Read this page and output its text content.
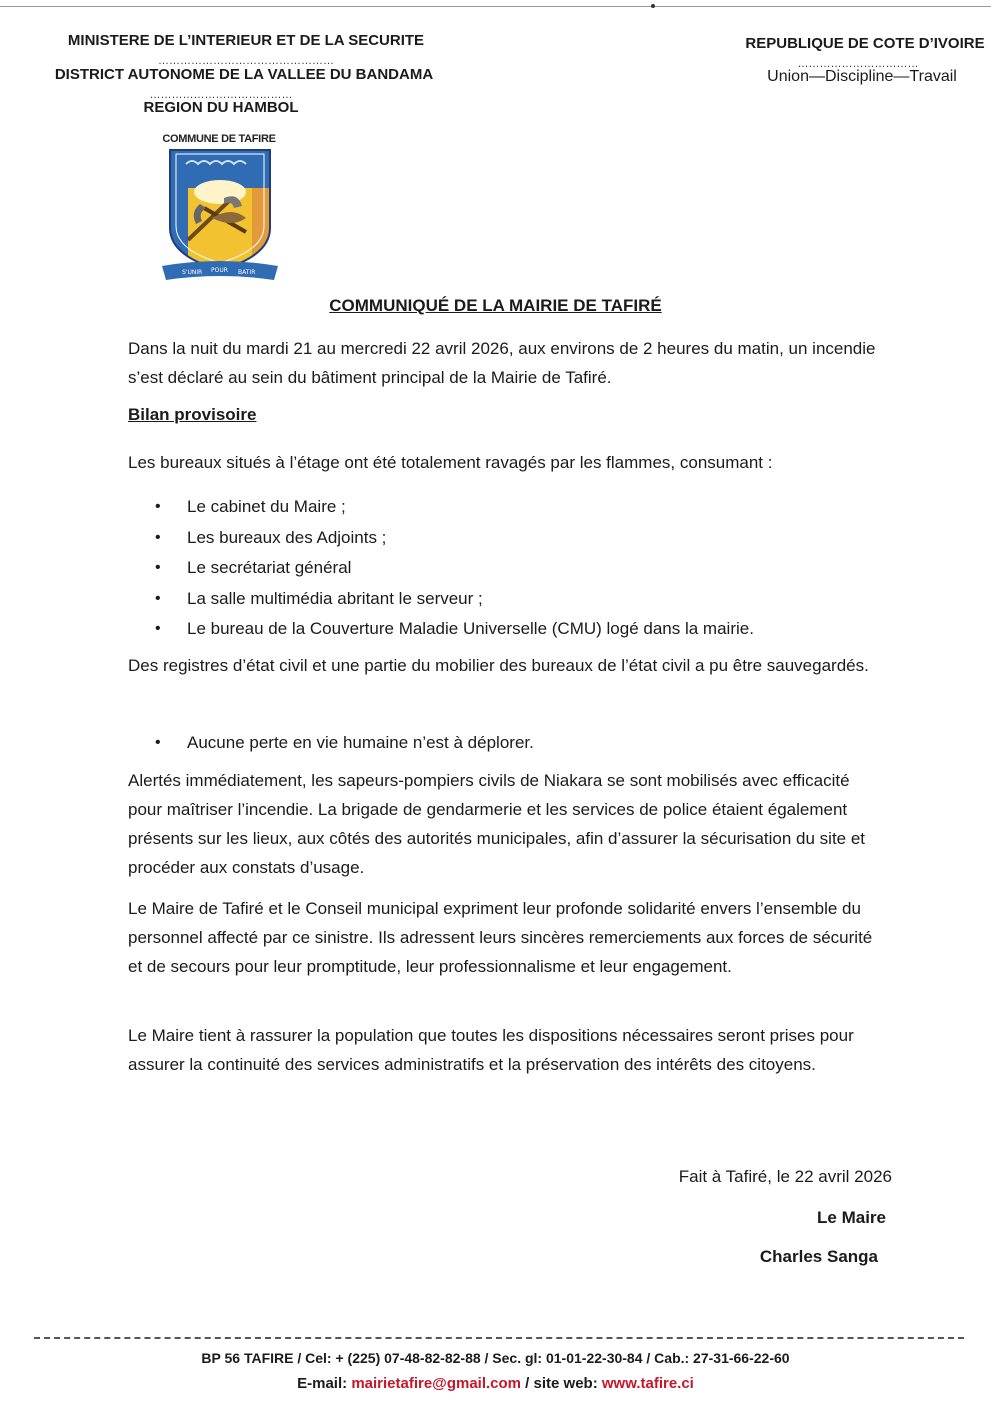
MINISTERE DE L’INTERIEUR ET DE LA SECURITE
…………………………………………
DISTRICT AUTONOME DE LA VALLEE DU BANDAMA
…………………………………
REGION DU HAMBOL
REPUBLIQUE DE COTE D’IVOIRE
……………………………
Union—Discipline—Travail
COMMUNE DE TAFIRE
S'UNIR POUR BATIR
COMMUNIQUÉ DE LA MAIRIE DE TAFIRÉ
Dans la nuit du mardi 21 au mercredi 22 avril 2026, aux environs de 2 heures du matin, un incendie s’est déclaré au sein du bâtiment principal de la Mairie de Tafiré.
Bilan provisoire
Les bureaux situés à l’étage ont été totalement ravagés par les flammes, consumant :
• Le cabinet du Maire ;
• Les bureaux des Adjoints ;
• Le secrétariat général
• La salle multimédia abritant le serveur ;
• Le bureau de la Couverture Maladie Universelle (CMU) logé dans la mairie.
Des registres d’état civil et une partie du mobilier des bureaux de l’état civil a pu être sauvegardés.
• Aucune perte en vie humaine n’est à déplorer.
Alertés immédiatement, les sapeurs-pompiers civils de Niakara se sont mobilisés avec efficacité pour maîtriser l’incendie. La brigade de gendarmerie et les services de police étaient également présents sur les lieux, aux côtés des autorités municipales, afin d’assurer la sécurisation du site et procéder aux constats d’usage.
Le Maire de Tafiré et le Conseil municipal expriment leur profonde solidarité envers l’ensemble du personnel affecté par ce sinistre. Ils adressent leurs sincères remerciements aux forces de sécurité et de secours pour leur promptitude, leur professionnalisme et leur engagement.
Le Maire tient à rassurer la population que toutes les dispositions nécessaires seront prises pour assurer la continuité des services administratifs et la préservation des intérêts des citoyens.
Fait à Tafiré, le 22 avril 2026
Le Maire
Charles Sanga
BP 56 TAFIRE / Cel: + (225) 07-48-82-82-88 / Sec. gl: 01-01-22-30-84 / Cab.: 27-31-66-22-60
E-mail: mairietafire@gmail.com / site web: www.tafire.ci
